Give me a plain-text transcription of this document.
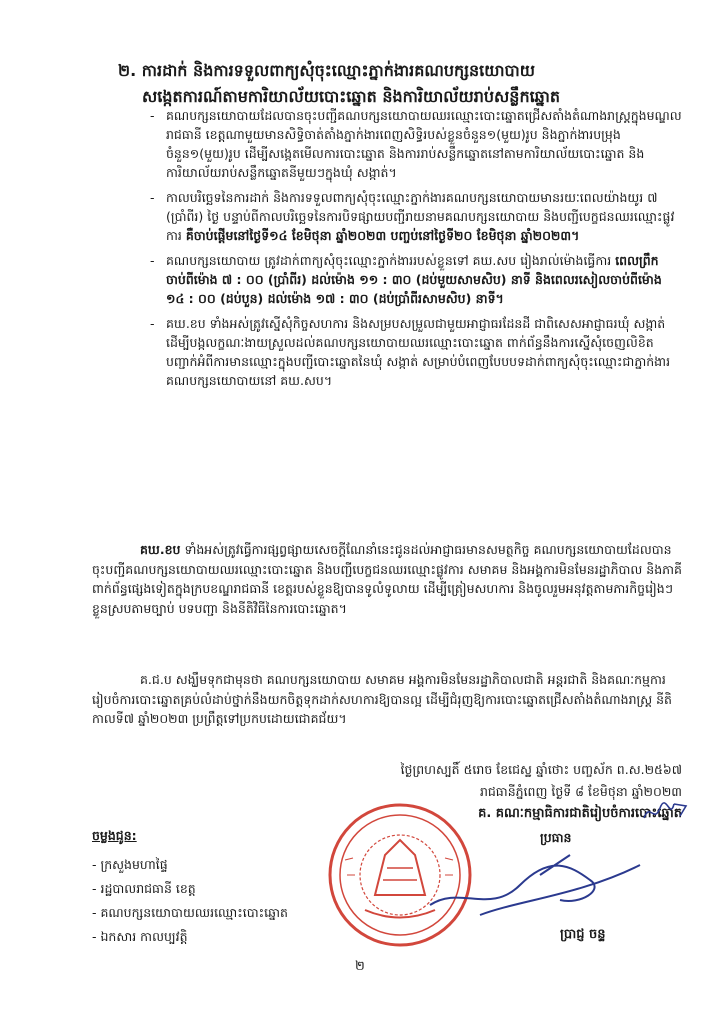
២. ការដាក់ និងការទទួលពាក្យសុំចុះឈ្មោះភ្នាក់ងារគណបក្សនយោបាយ
សង្កេតការណ៍តាមការិយាល័យបោះឆ្នោត និងការិយាល័យរាប់សន្លឹកឆ្នោត
- គណបក្សនយោបាយដែលបានចុះបញ្ជីគណបក្សនយោបាយឈរឈ្មោះបោះឆ្នោតជ្រើសតាំងតំណាងរាស្ត្រក្នុងមណ្ឌលរាជធានី ខេត្តណាមួយមានសិទ្ធិចាត់តាំងភ្នាក់ងារពេញសិទ្ធិរបស់ខ្លួនចំនួន១(មួយ)រូប និងភ្នាក់ងារបម្រុងចំនួន១(មួយ)រូប ដើម្បីសង្កេតមើលការបោះឆ្នោត និងការរាប់សន្លឹកឆ្នោតនៅតាមការិយាល័យបោះឆ្នោត និងការិយាល័យរាប់សន្លឹកឆ្នោតនីមួយៗក្នុងឃុំ សង្កាត់។
- កាលបរិច្ឆេទនៃការដាក់ និងការទទួលពាក្យសុំចុះឈ្មោះភ្នាក់ងារគណបក្សនយោបាយមានរយៈពេលយ៉ាងយូរ ៧ (ប្រាំពីរ) ថ្ងៃ បន្ទាប់ពីកាលបរិច្ឆេទនៃការបិទផ្សាយបញ្ជីរាយនាមគណបក្សនយោបាយ និងបញ្ជីបេក្ខជនឈរឈ្មោះផ្លូវការ គឺចាប់ផ្ដើមនៅថ្ងៃទី១៤ ខែមិថុនា ឆ្នាំ២០២៣ បញ្ចប់នៅថ្ងៃទី២០ ខែមិថុនា ឆ្នាំ២០២៣។
- គណបក្សនយោបាយ ត្រូវដាក់ពាក្យសុំចុះឈ្មោះភ្នាក់ងាររបស់ខ្លួនទៅ គឃ.សប រៀងរាល់ម៉ោងធ្វើការ ពេលព្រឹកចាប់ពីម៉ោង ៧ : ០០ (ប្រាំពីរ) ដល់ម៉ោង ១១ : ៣០ (ដប់មួយសាមសិប) នាទី និងពេលរសៀលចាប់ពីម៉ោង ១៤ : ០០ (ដប់បួន) ដល់ម៉ោង ១៧ : ៣០ (ដប់ប្រាំពីរសាមសិប) នាទី។
- គឃ.ខប ទាំងអស់ត្រូវស្នើសុំកិច្ចសហការ និងសម្របសម្រួលជាមួយអាជ្ញាធរដែនដី ជាពិសេសអាជ្ញាធរឃុំ សង្កាត់ ដើម្បីបង្កលក្ខណៈងាយស្រួលដល់គណបក្សនយោបាយឈរឈ្មោះបោះឆ្នោត ពាក់ព័ន្ធនឹងការស្នើសុំចេញលិខិតបញ្ជាក់អំពីការមានឈ្មោះក្នុងបញ្ជីបោះឆ្នោតនៃឃុំ សង្កាត់ សម្រាប់បំពេញបែបបទដាក់ពាក្យសុំចុះឈ្មោះជាភ្នាក់ងារគណបក្សនយោបាយនៅ គឃ.សប។
គឃ.ខប ទាំងអស់ត្រូវធ្វើការផ្សព្វផ្សាយសេចក្ដីណែនាំនេះជូនដល់អាជ្ញាធរមានសមត្ថកិច្ច គណបក្សនយោបាយដែលបានចុះបញ្ជីគណបក្សនយោបាយឈរឈ្មោះបោះឆ្នោត និងបញ្ជីបេក្ខជនឈរឈ្មោះផ្លូវការ សមាគម និងអង្គការមិនមែនរដ្ឋាភិបាល និងភាគីពាក់ព័ន្ធផ្សេងទៀតក្នុងក្របខណ្ឌរាជធានី ខេត្តរបស់ខ្លួនឱ្យបានទូលំទូលាយ ដើម្បីត្រៀមសហការ និងចូលរួមអនុវត្តតាមភារកិច្ចរៀងៗខ្លួនស្របតាមច្បាប់ បទបញ្ជា និងនីតិវិធីនៃការបោះឆ្នោត។
គ.ជ.ប សង្ឃឹមទុកជាមុនថា គណបក្សនយោបាយ សមាគម អង្គការមិនមែនរដ្ឋាភិបាលជាតិ អន្តរជាតិ និងគណៈកម្មការរៀបចំការបោះឆ្នោតគ្រប់លំដាប់ថ្នាក់នឹងយកចិត្តទុកដាក់សហការឱ្យបានល្អ ដើម្បីជំរុញឱ្យការបោះឆ្នោតជ្រើសតាំងតំណាងរាស្ត្រ នីតិកាលទី៧ ឆ្នាំ២០២៣ ប្រព្រឹត្តទៅប្រកបដោយជោគជ័យ។
ថ្ងៃព្រហស្បតិ៍ ៥រោច ខែជេស្ឋ ឆ្នាំថោះ បញ្ចស័ក ព.ស.២៥៦៧
រាជធានីភ្នំពេញ ថ្ងៃទី ៨ ខែមិថុនា ឆ្នាំ២០២៣
គ. គណៈកម្មាធិការជាតិរៀបចំការបោះឆ្នោត
ប្រធាន
ប្រាជ្ញ ចន្ទ
ចម្លងជូន:
- ក្រសួងមហាផ្ទៃ
- រដ្ឋបាលរាជធានី ខេត្ត
- គណបក្សនយោបាយឈរឈ្មោះបោះឆ្នោត
- ឯកសារ កាលប្បវត្តិ
២
